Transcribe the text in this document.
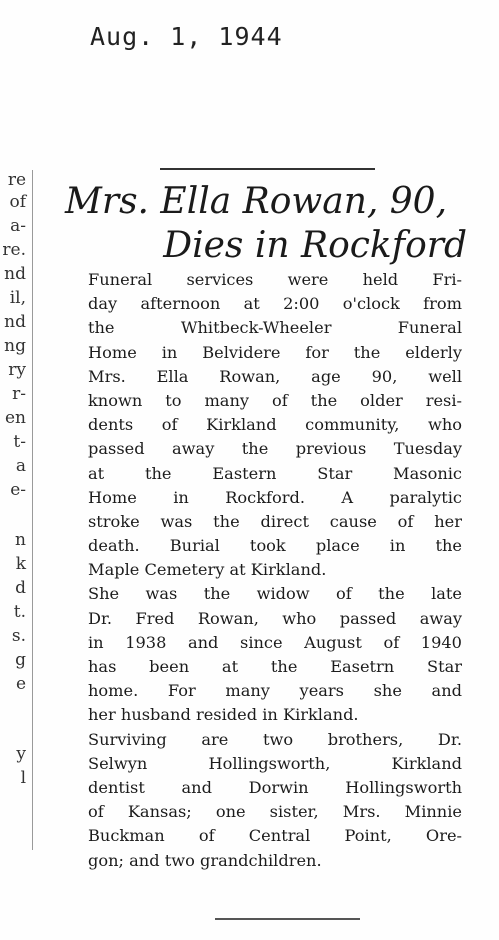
Aug. 1, 1944
re
of
a-
re.
nd
il,
nd
ng
ry
r-
en
t-
a
e-
n
k
d
t.
s.
g
e
y
l
Mrs. Ella Rowan, 90,
Dies in Rockford
Funeral services were held Fri-
day afternoon at 2:00 o'clock from
the Whitbeck-Wheeler Funeral
Home in Belvidere for the elderly
Mrs. Ella Rowan, age 90, well
known to many of the older resi-
dents of Kirkland community, who
passed away the previous Tuesday
at the Eastern Star Masonic
Home in Rockford. A paralytic
stroke was the direct cause of her
death. Burial took place in the
Maple Cemetery at Kirkland.
She was the widow of the late
Dr. Fred Rowan, who passed away
in 1938 and since August of 1940
has been at the Easetrn Star
home. For many years she and
her husband resided in Kirkland.
Surviving are two brothers, Dr.
Selwyn Hollingsworth, Kirkland
dentist and Dorwin Hollingsworth
of Kansas; one sister, Mrs. Minnie
Buckman of Central Point, Ore-
gon; and two grandchildren.
